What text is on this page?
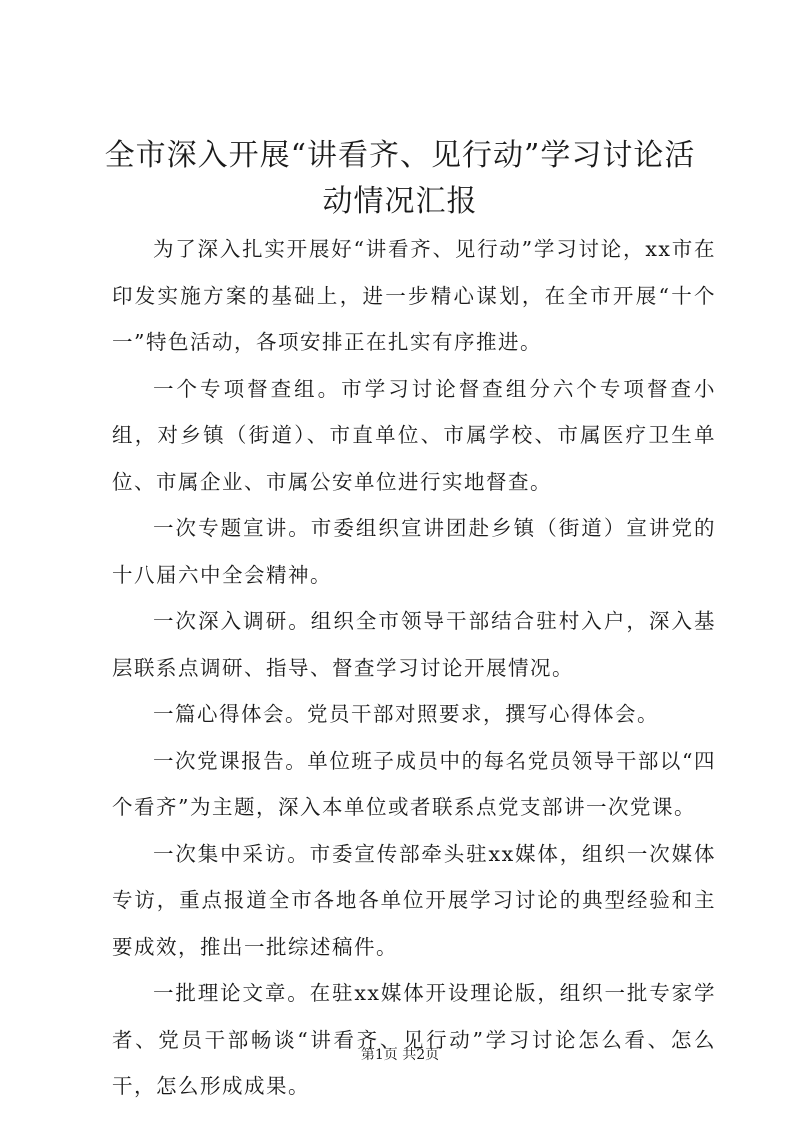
全市深入开展“讲看齐、见行动”学习讨论活动情况汇报

为了深入扎实开展好“讲看齐、见行动”学习讨论，xx市在印发实施方案的基础上，进一步精心谋划，在全市开展“十个一”特色活动，各项安排正在扎实有序推进。

一个专项督查组。市学习讨论督查组分六个专项督查小组，对乡镇（街道）、市直单位、市属学校、市属医疗卫生单位、市属企业、市属公安单位进行实地督查。

一次专题宣讲。市委组织宣讲团赴乡镇（街道）宣讲党的十八届六中全会精神。

一次深入调研。组织全市领导干部结合驻村入户，深入基层联系点调研、指导、督查学习讨论开展情况。

一篇心得体会。党员干部对照要求，撰写心得体会。

一次党课报告。单位班子成员中的每名党员领导干部以“四个看齐”为主题，深入本单位或者联系点党支部讲一次党课。

一次集中采访。市委宣传部牵头驻xx媒体，组织一次媒体专访，重点报道全市各地各单位开展学习讨论的典型经验和主要成效，推出一批综述稿件。

一批理论文章。在驻xx媒体开设理论版，组织一批专家学者、党员干部畅谈“讲看齐、见行动”学习讨论怎么看、怎么干，怎么形成成果。

第1页 共2页
